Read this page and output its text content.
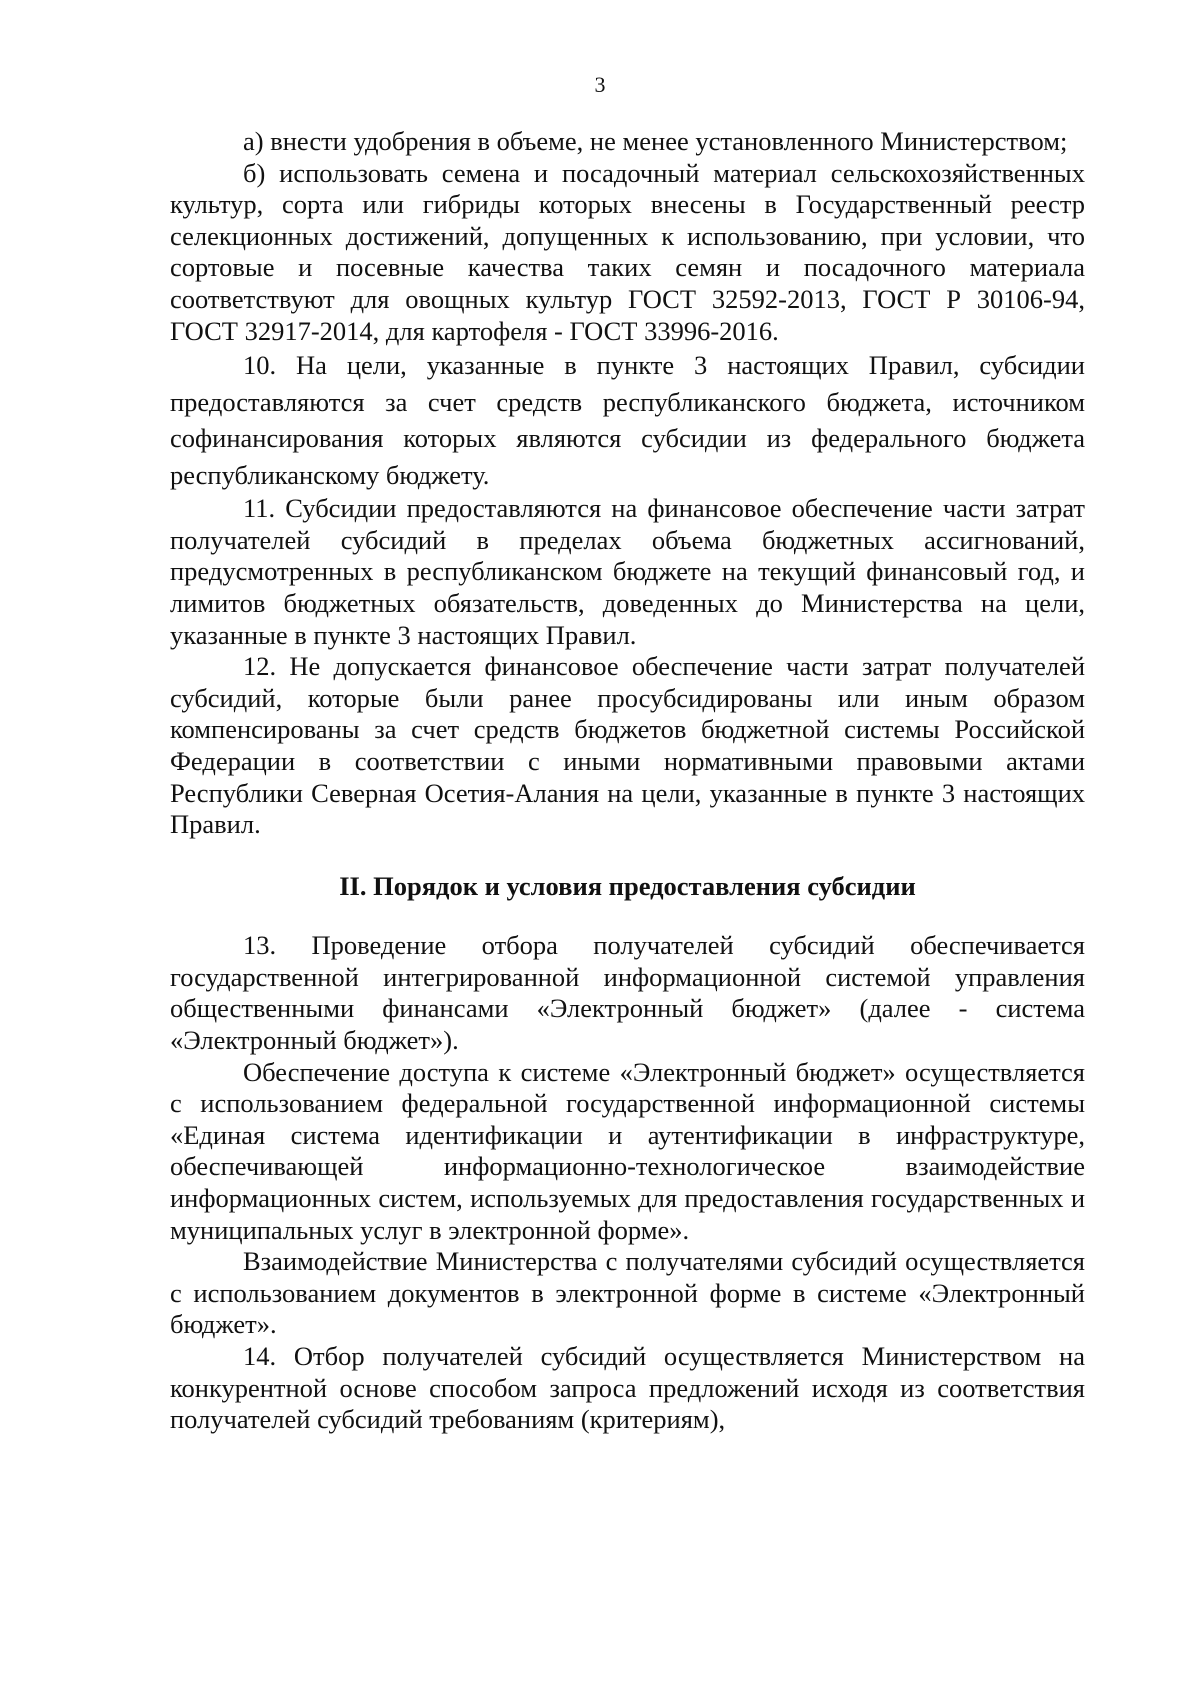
3

а) внести удобрения в объеме, не менее установленного Министерством;

б) использовать семена и посадочный материал сельскохозяйственных культур, сорта или гибриды которых внесены в Государственный реестр селекционных достижений, допущенных к использованию, при условии, что сортовые и посевные качества таких семян и посадочного материала соответствуют для овощных культур ГОСТ 32592-2013, ГОСТ Р 30106-94, ГОСТ 32917-2014, для картофеля - ГОСТ 33996-2016.

10. На цели, указанные в пункте 3 настоящих Правил, субсидии предоставляются за счет средств республиканского бюджета, источником софинансирования которых являются субсидии из федерального бюджета республиканскому бюджету.

11. Субсидии предоставляются на финансовое обеспечение части затрат получателей субсидий в пределах объема бюджетных ассигнований, предусмотренных в республиканском бюджете на текущий финансовый год, и лимитов бюджетных обязательств, доведенных до Министерства на цели, указанные в пункте 3 настоящих Правил.

12. Не допускается финансовое обеспечение части затрат получателей субсидий, которые были ранее просубсидированы или иным образом компенсированы за счет средств бюджетов бюджетной системы Российской Федерации в соответствии с иными нормативными правовыми актами Республики Северная Осетия-Алания на цели, указанные в пункте 3 настоящих Правил.

II. Порядок и условия предоставления субсидии

13. Проведение отбора получателей субсидий обеспечивается государственной интегрированной информационной системой управления общественными финансами «Электронный бюджет» (далее - система «Электронный бюджет»).

Обеспечение доступа к системе «Электронный бюджет» осуществляется с использованием федеральной государственной информационной системы «Единая система идентификации и аутентификации в инфраструктуре, обеспечивающей информационно-технологическое взаимодействие информационных систем, используемых для предоставления государственных и муниципальных услуг в электронной форме».

Взаимодействие Министерства с получателями субсидий осуществляется с использованием документов в электронной форме в системе «Электронный бюджет».

14. Отбор получателей субсидий осуществляется Министерством на конкурентной основе способом запроса предложений исходя из соответствия получателей субсидий требованиям (критериям),
